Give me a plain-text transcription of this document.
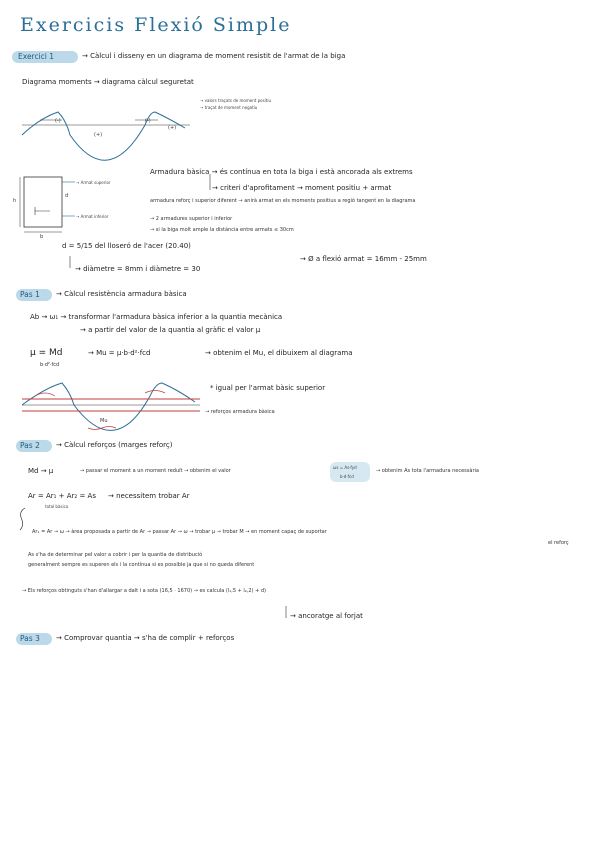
Exercicis Flexió Simple
Exercici 1	→ Càlcul i disseny en un diagrama de moment resistit de l'armat de la biga
Diagrama moments → diagrama càlcul seguretat
→ valors traçats de moment positiu
→ traçat de moment negatiu
(-)
(+)
(-)
(+)
→ Armat superior
→ Armat inferior
h
b
d
Armadura bàsica → és contínua en tota la biga i està ancorada als extrems
→ criteri d'aprofitament → moment positiu + armat
armadura reforç i superior diferent → anirà armat en els moments positius a regió tangent en la diagrama
→ 2 armadures superior i inferior
→ si la biga molt ample la distància entre armats ≤ 30cm
d = 5/15 del lloseró de l'acer (20.40)
→ diàmetre = 8mm i diàmetre = 30
→ Ø a flexió armat = 16mm - 25mm
Pas 1 → Càlcul resistència armadura bàsica
Ab → ω₁ → transformar l'armadura bàsica inferior a la quantia mecànica
→ a partir del valor de la quantia al gràfic el valor μ
μ = Md
b·d²·fcd
→ Mu = μ·b·d²·fcd	→ obtenim el Mu, el dibuixem al diagrama
* igual per l'armat bàsic superior
→ reforços armadura bàsica
Mu
Pas 2 → Càlcul reforços (marges reforç)
Md → μ	→ passar el moment a un moment reduït → obtenim el valor
ωs = As·fyd
b·d·fcd
→ obtenim As tota l'armadura necessària
Ar = Ar₁ + Ar₂ = As → necessitem trobar Ar
total bàsica
Ar₁ = Ar → ω → àrea proposada a partir de Ar → passar Ar → ω → trobar μ → trobar M → en moment capaç de suportar
el reforç
As s'ha de determinar pel valor a cobrir i per la quantia de distribució
generalment sempre es superen els i la contínua si es possible ja que si no queda diferent
→ Els reforços obtinguts s'han d'allargar a dalt i a sota (16,5 · 1670) → es calcula (l₁,5 + l₂,2) + d)
→ ancoratge al forjat
Pas 3 → Comprovar quantia → s'ha de complir + reforços
